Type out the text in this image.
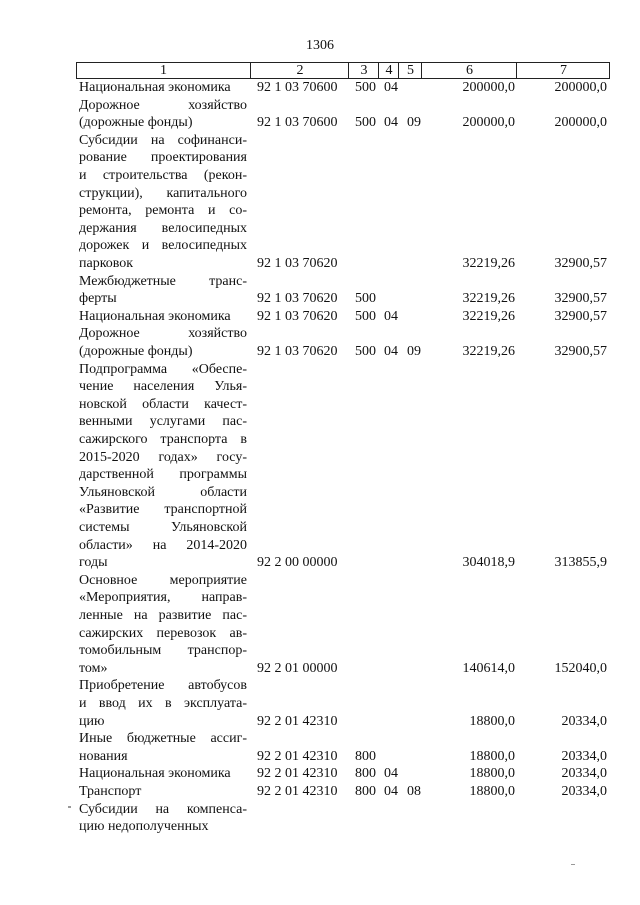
1306
1	2	3	4	5	6	7
Национальная экономика	92 1 03 70600 500 04	200000,0	200000,0
Дорожное хозяйство
(дорожные фонды)	92 1 03 70600 500 04 09	200000,0	200000,0
Субсидии на софинанси-
рование проектирования
и строительства (рекон-
струкции), капитального
ремонта, ремонта и со-
держания велосипедных
дорожек и велосипедных
парковок	92 1 03 70620	32219,26	32900,57
Межбюджетные транс-
ферты	92 1 03 70620 500	32219,26	32900,57
Национальная экономика	92 1 03 70620 500 04	32219,26	32900,57
Дорожное хозяйство
(дорожные фонды)	92 1 03 70620 500 04 09	32219,26	32900,57
Подпрограмма «Обеспе-
чение населения Улья-
новской области качест-
венными услугами пас-
сажирского транспорта в
2015-2020 годах» госу-
дарственной программы
Ульяновской области
«Развитие транспортной
системы Ульяновской
области» на 2014-2020
годы	92 2 00 00000	304018,9	313855,9
Основное мероприятие
«Мероприятия, направ-
ленные на развитие пас-
сажирских перевозок ав-
томобильным транспор-
том»	92 2 01 00000	140614,0	152040,0
Приобретение автобусов
и ввод их в эксплуата-
цию	92 2 01 42310	18800,0	20334,0
Иные бюджетные ассиг-
нования	92 2 01 42310 800	18800,0	20334,0
Национальная экономика	92 2 01 42310 800 04	18800,0	20334,0
Транспорт	92 2 01 42310 800 04 08	18800,0	20334,0
Субсидии на компенса-
цию недополученных
